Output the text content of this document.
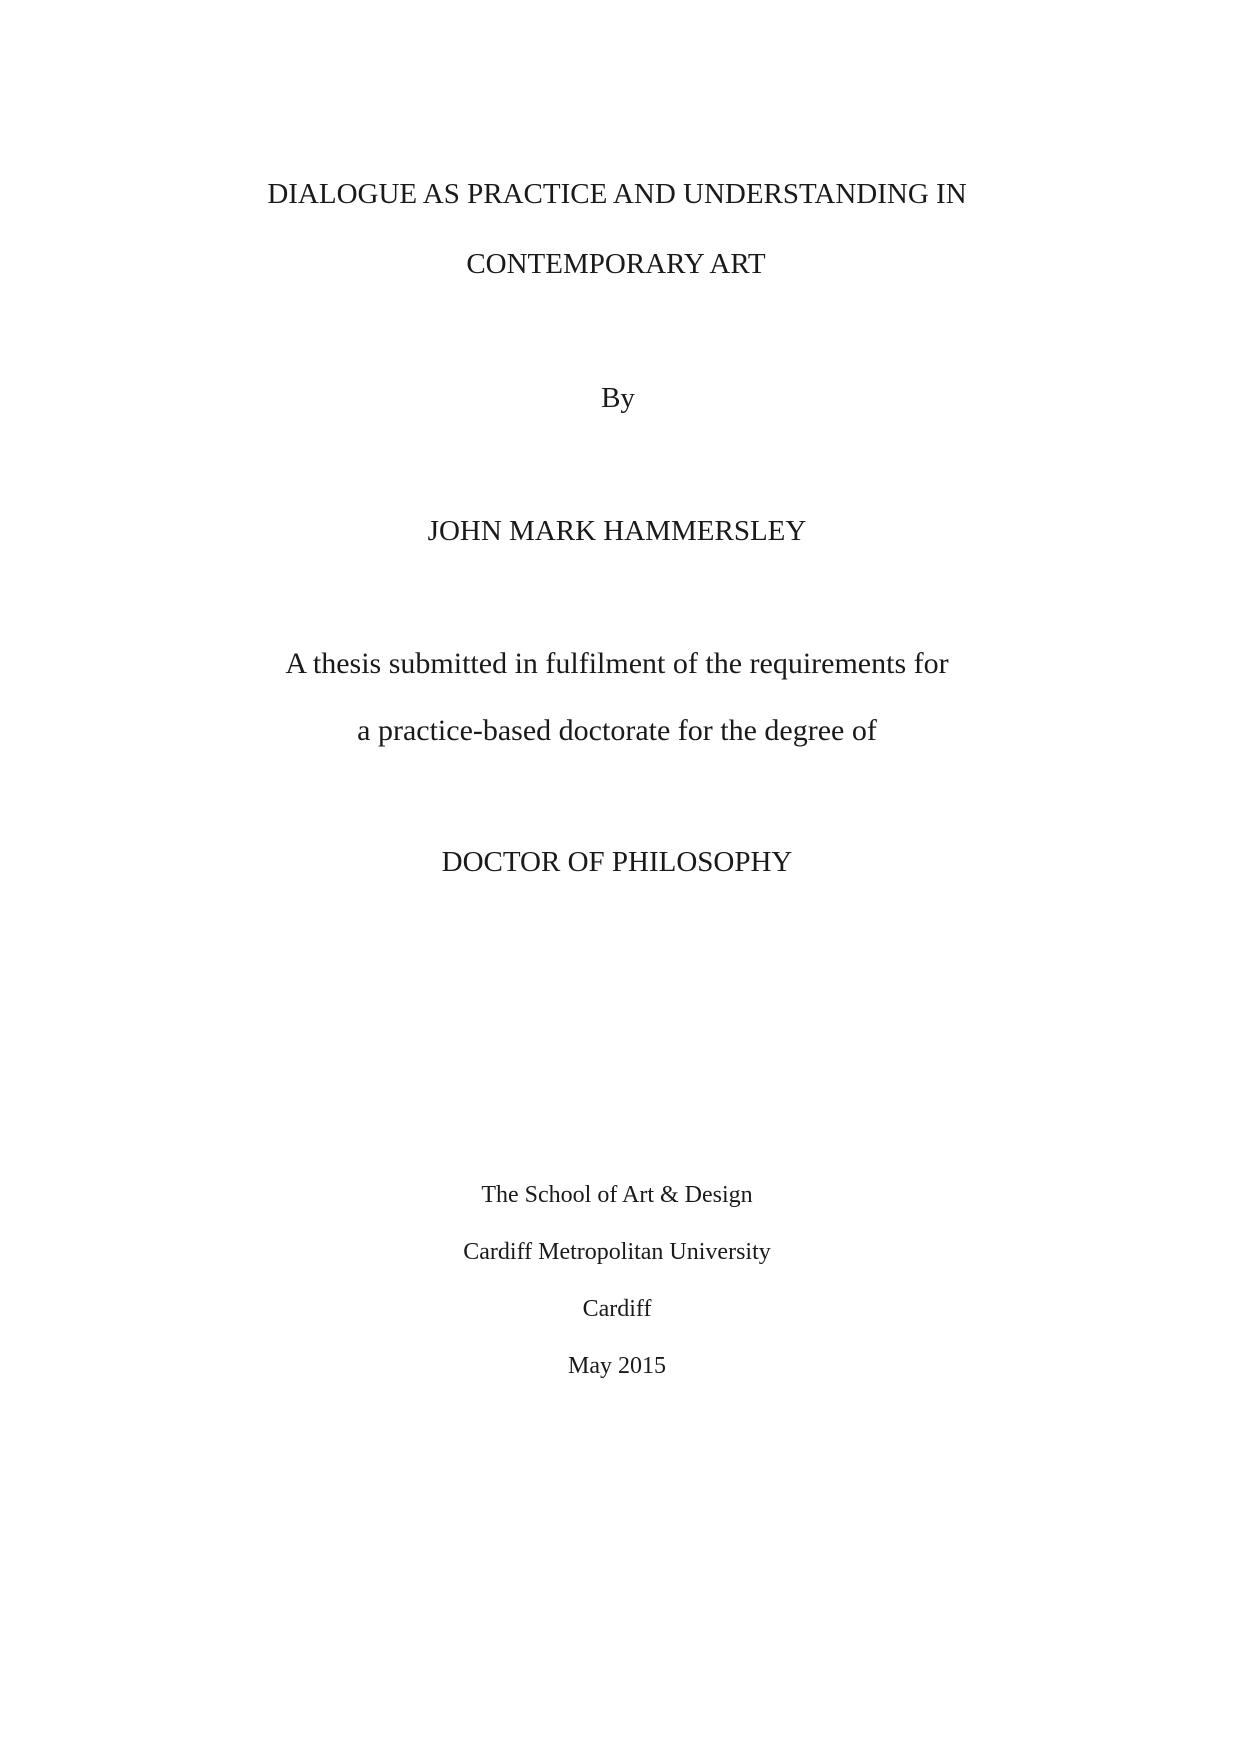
DIALOGUE AS PRACTICE AND UNDERSTANDING IN
CONTEMPORARY ART
By
JOHN MARK HAMMERSLEY
A thesis submitted in fulfilment of the requirements for
a practice-based doctorate for the degree of
DOCTOR OF PHILOSOPHY
The School of Art & Design
Cardiff Metropolitan University
Cardiff
May 2015
